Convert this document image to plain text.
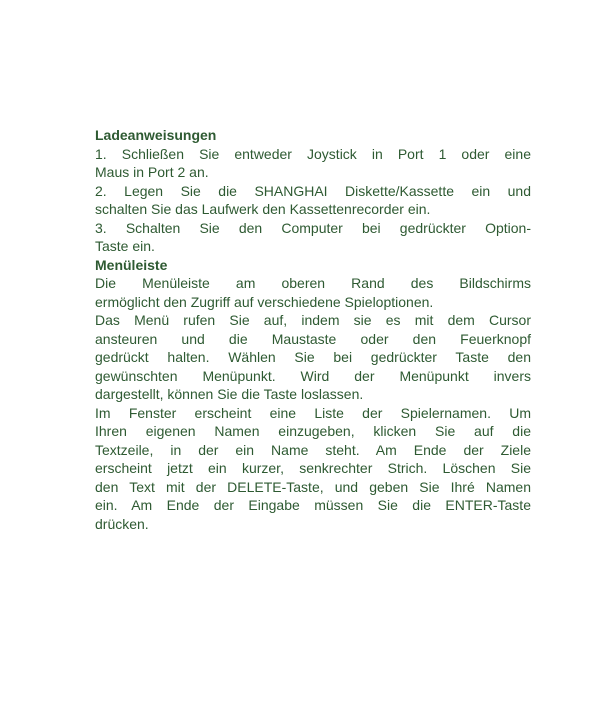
Ladeanweisungen
1. Schließen Sie entweder Joystick in Port 1 oder eine
Maus in Port 2 an.
2. Legen Sie die SHANGHAI Diskette/Kassette ein und
schalten Sie das Laufwerk den Kassettenrecorder ein.
3. Schalten Sie den Computer bei gedrückter Option-
Taste ein.
Menüleiste
Die Menüleiste am oberen Rand des Bildschirms
ermöglicht den Zugriff auf verschiedene Spieloptionen.
Das Menü rufen Sie auf, indem sie es mit dem Cursor
ansteuren und die Maustaste oder den Feuerknopf
gedrückt halten. Wählen Sie bei gedrückter Taste den
gewünschten Menüpunkt. Wird der Menüpunkt invers
dargestellt, können Sie die Taste loslassen.
Im Fenster erscheint eine Liste der Spielernamen. Um
Ihren eigenen Namen einzugeben, klicken Sie auf die
Textzeile, in der ein Name steht. Am Ende der Ziele
erscheint jetzt ein kurzer, senkrechter Strich. Löschen Sie
den Text mit der DELETE-Taste, und geben Sie Ihré Namen
ein. Am Ende der Eingabe müssen Sie die ENTER-Taste
drücken.
